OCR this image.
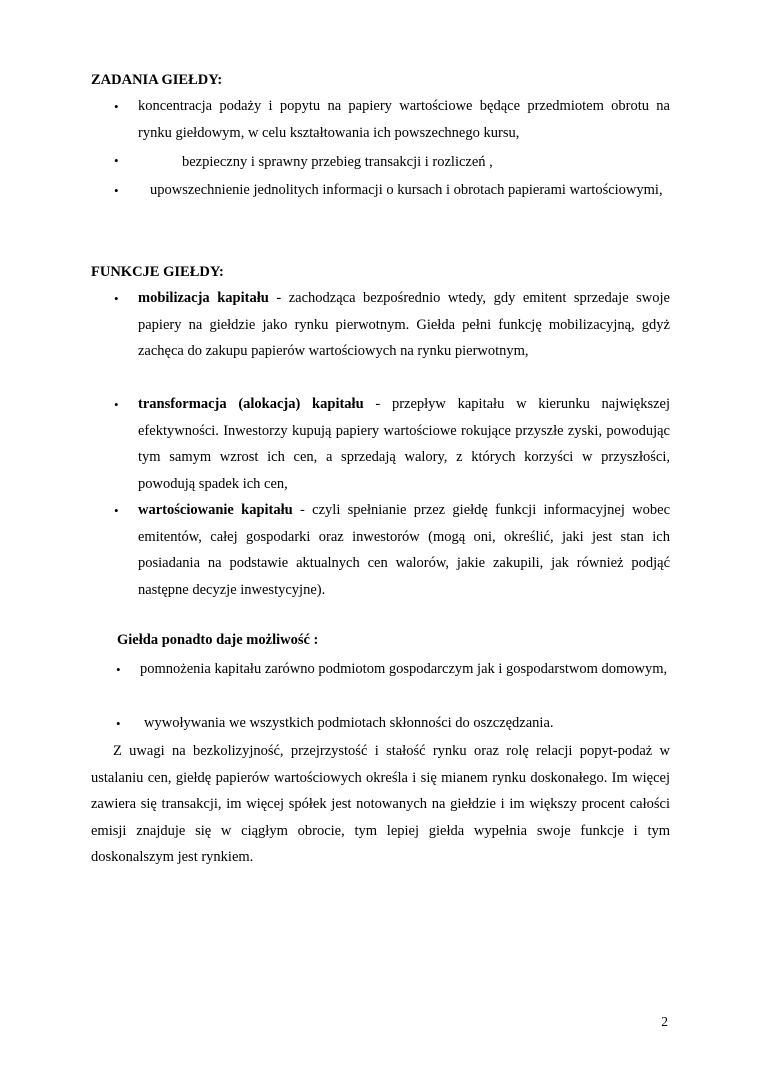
ZADANIA GIEŁDY:
• koncentracja podaży i popytu na papiery wartościowe będące przedmiotem obrotu na rynku giełdowym, w celu kształtowania ich powszechnego kursu,
•	bezpieczny i sprawny przebieg transakcji i rozliczeń ,
•	upowszechnienie jednolitych informacji o kursach i obrotach papierami wartościowymi,
FUNKCJE GIEŁDY:
• mobilizacja kapitału - zachodząca bezpośrednio wtedy, gdy emitent sprzedaje swoje papiery na giełdzie jako rynku pierwotnym. Giełda pełni funkcję mobilizacyjną, gdyż zachęca do zakupu papierów wartościowych na rynku pierwotnym,
• transformacja (alokacja) kapitału - przepływ kapitału w kierunku największej efektywności. Inwestorzy kupują papiery wartościowe rokujące przyszłe zyski, powodując tym samym wzrost ich cen, a sprzedają walory, z których korzyści w przyszłości, powodują spadek ich cen,
• wartościowanie kapitału - czyli spełnianie przez giełdę funkcji informacyjnej wobec emitentów, całej gospodarki oraz inwestorów (mogą oni, określić, jaki jest stan ich posiadania na podstawie aktualnych cen walorów, jakie zakupili, jak również podjąć następne decyzje inwestycyjne).
Giełda ponadto daje możliwość :
• pomnożenia kapitału zarówno podmiotom gospodarczym jak i gospodarstwom domowym,
• wywoływania we wszystkich podmiotach skłonności do oszczędzania.
Z uwagi na bezkolizyjność, przejrzystość i stałość rynku oraz rolę relacji popyt-podaż w ustalaniu cen, giełdę papierów wartościowych określa i się mianem rynku doskonałego. Im więcej zawiera się transakcji, im więcej spółek jest notowanych na giełdzie i im większy procent całości emisji znajduje się w ciągłym obrocie, tym lepiej giełda wypełnia swoje funkcje i tym doskonalszym jest rynkiem.
2
